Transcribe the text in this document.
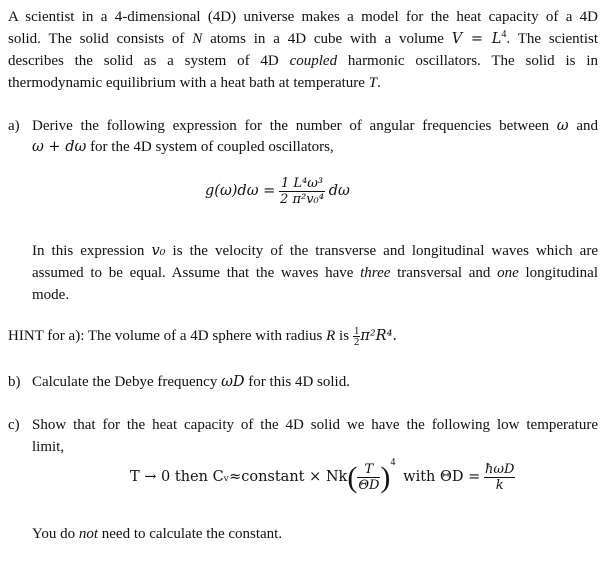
A scientist in a 4-dimensional (4D) universe makes a model for the heat capacity of a 4D
solid. The solid consists of N atoms in a 4D cube with a volume $V = L^4$. The scientist
describes the solid as a system of 4D coupled harmonic oscillators. The solid is in
thermodynamic equilibrium with a heat bath at temperature T.
a) Derive the following expression for the number of angular frequencies between ω and
ω + dω for the 4D system of coupled oscillators,
$g(\omega)d\omega = \frac{\text{1 L⁴ω³}}{\text{2 π²v₀⁴}}$ dω
In this expression v₀ is the velocity of the transverse and longitudinal waves which are
assumed to be equal. Assume that the waves have three transversal and one longitudinal
mode.
HINT for a): The volume of a 4D sphere with radius R is $\frac{1}{2} \pi^2R^4$.
b) Calculate the Debye frequency ωD for this 4D solid.
c) Show that for the heat capacity of the 4D solid we have the following low temperature
limit,
T → 0 then Cᵥ≈constant × $Nk( \frac{T}{\Theta D} )^4$ with $\Theta D = \frac{\text{ħωD}}{k}$
You do not need to calculate the constant.
